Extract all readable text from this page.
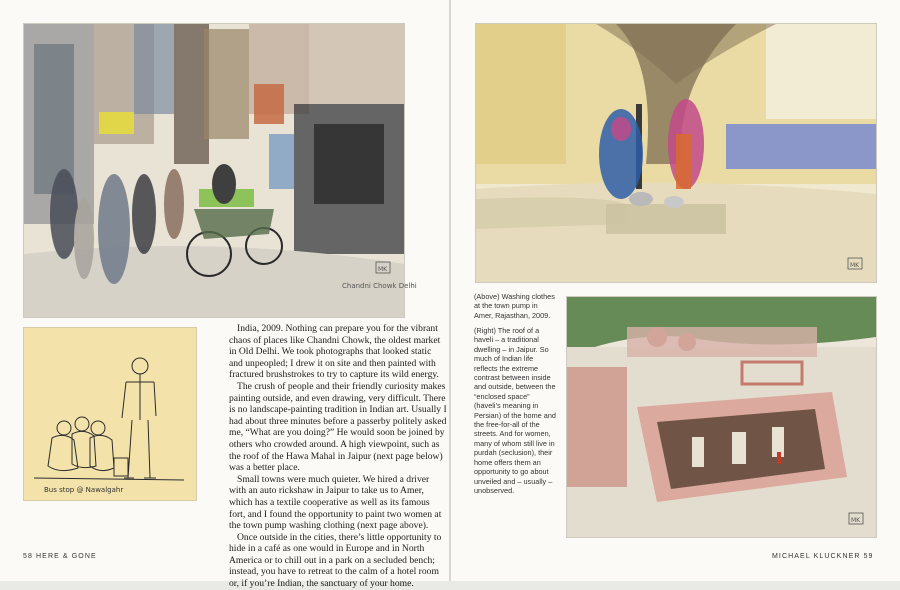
Chandni Chowk Delhi
MK
Bus stop @ Nawalgahr

India, 2009. Nothing can prepare you for the vibrant chaos of places like Chandni Chowk, the oldest market in Old Delhi. We took photographs that looked static and unpeopled; I drew it on site and then painted with fractured brushstrokes to try to capture its wild energy.

The crush of people and their friendly curiosity makes painting outside, and even drawing, very difficult. There is no landscape-painting tradition in Indian art. Usually I had about three minutes before a passerby politely asked me, “What are you doing?” He would soon be joined by others who crowded around. A high viewpoint, such as the roof of the Hawa Mahal in Jaipur (next page below) was a better place.

Small towns were much quieter. We hired a driver with an auto rickshaw in Jaipur to take us to Amer, which has a textile cooperative as well as its famous fort, and I found the opportunity to paint two women at the town pump washing clothing (next page above).

Once outside in the cities, there’s little opportunity to hide in a café as one would in Europe and in North America or to chill out in a park on a secluded bench; instead, you have to retreat to the calm of a hotel room or, if you’re Indian, the sanctuary of your home.

58 HERE & GONE
MK

(Above) Washing clothes at the town pump in Amer, Rajasthan, 2009.

(Right) The roof of a haveli – a traditional dwelling – in Jaipur. So much of Indian life reflects the extreme contrast between inside and outside, between the “enclosed space” (haveli’s meaning in Persian) of the home and the free-for-all of the streets. And for women, many of whom still live in purdah (seclusion), their home offers them an opportunity to go about unveiled and – usually – unobserved.

MK
MICHAEL KLUCKNER 59
